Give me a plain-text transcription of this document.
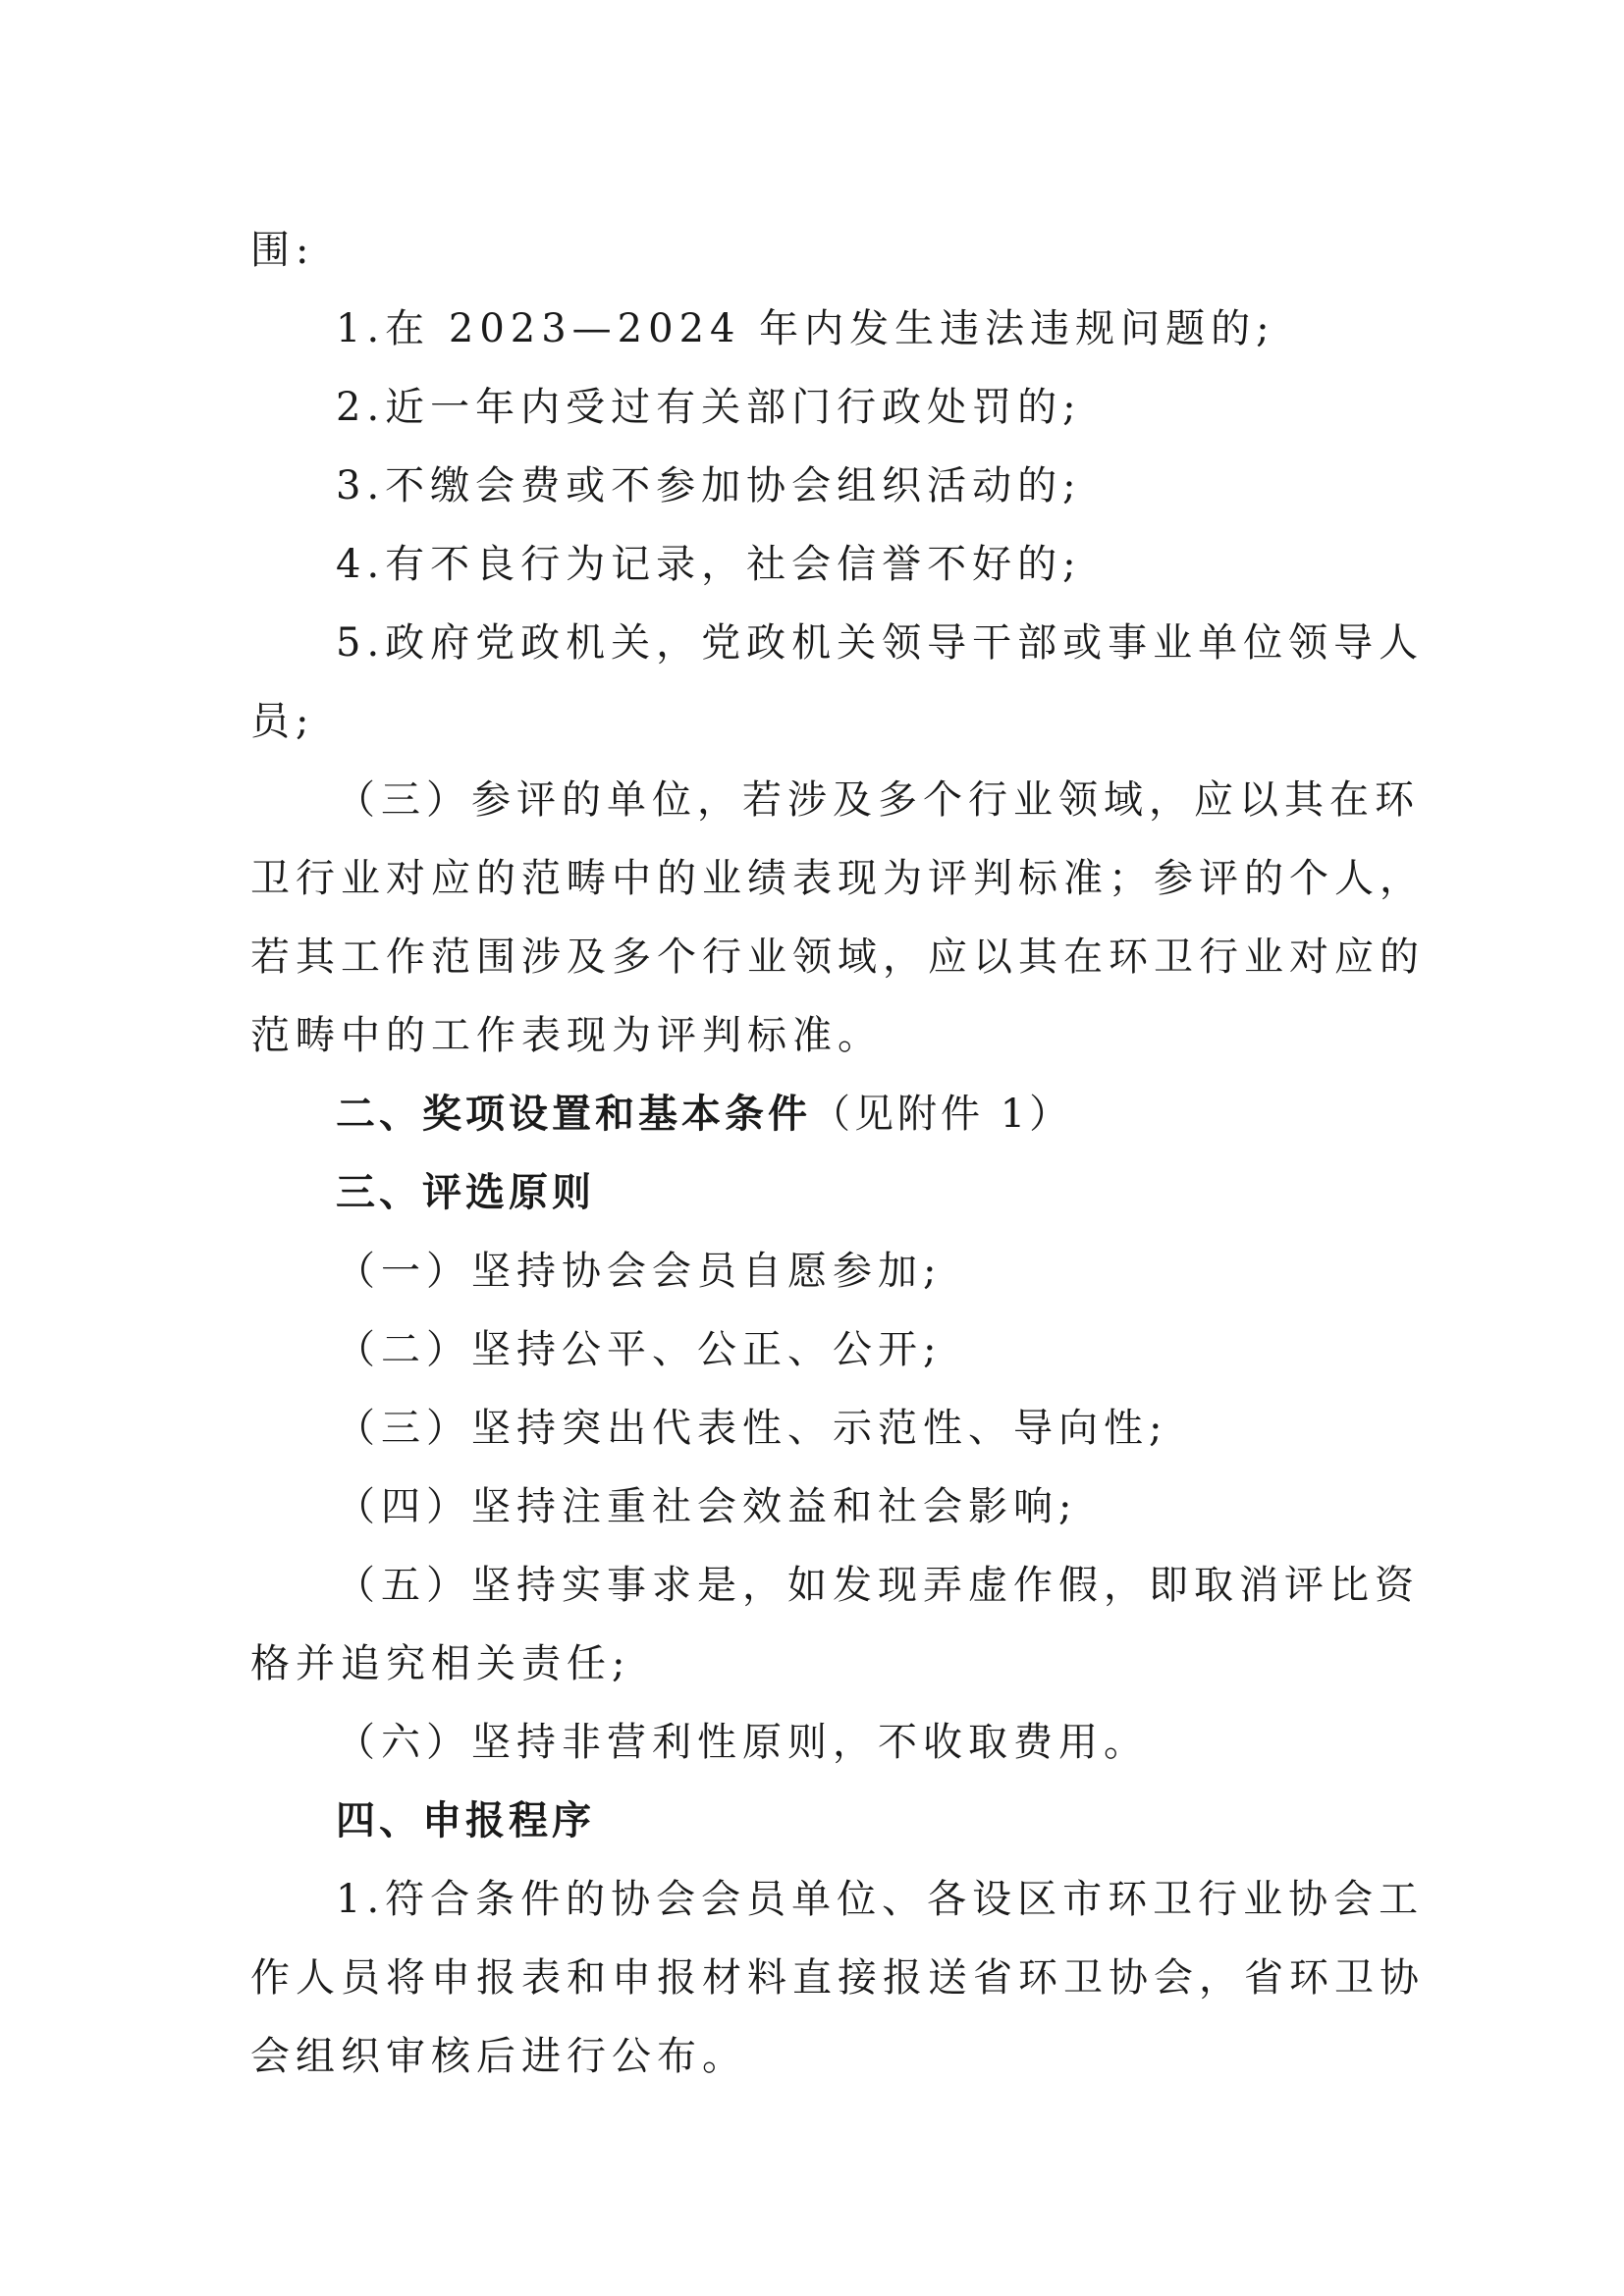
围:
1.在 2023—2024 年内发生违法违规问题的;
2.近一年内受过有关部门行政处罚的;
3.不缴会费或不参加协会组织活动的;
4.有不良行为记录，社会信誉不好的;
5.政府党政机关，党政机关领导干部或事业单位领导人
员;
（三）参评的单位，若涉及多个行业领域，应以其在环
卫行业对应的范畴中的业绩表现为评判标准；参评的个人，
若其工作范围涉及多个行业领域，应以其在环卫行业对应的
范畴中的工作表现为评判标准。
二、奖项设置和基本条件（见附件 1）
三、评选原则
（一）坚持协会会员自愿参加;
（二）坚持公平、公正、公开;
（三）坚持突出代表性、示范性、导向性;
（四）坚持注重社会效益和社会影响;
（五）坚持实事求是，如发现弄虚作假，即取消评比资
格并追究相关责任;
（六）坚持非营利性原则，不收取费用。
四、申报程序
1.符合条件的协会会员单位、各设区市环卫行业协会工
作人员将申报表和申报材料直接报送省环卫协会，省环卫协
会组织审核后进行公布。
